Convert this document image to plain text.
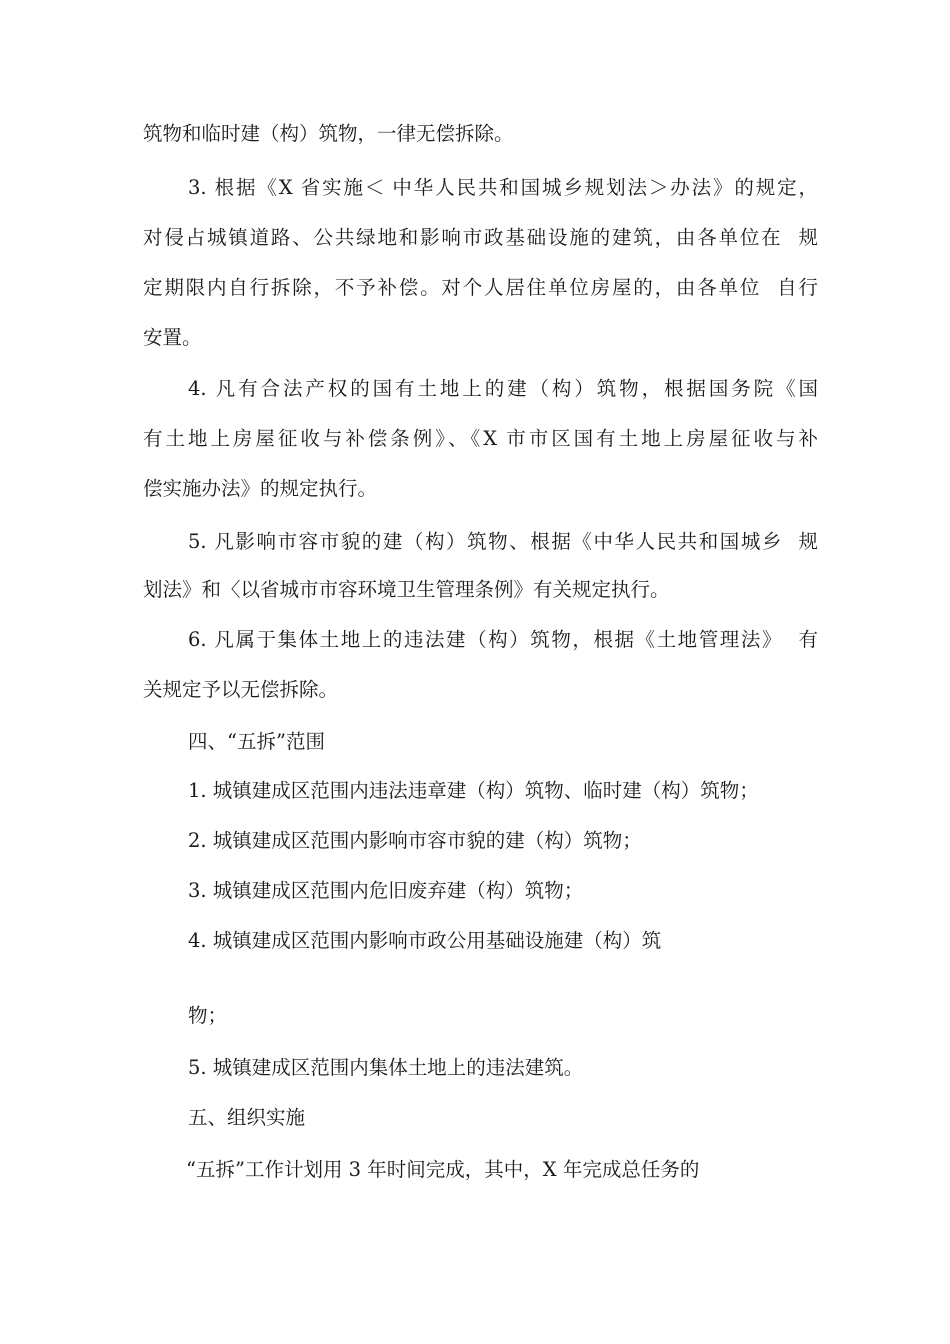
筑物和临时建（构）筑物，一律无偿拆除。
3. 根据《X 省实施＜ 中华人民共和国城乡规划法＞办法》的规定，
对侵占城镇道路、公共绿地和影响市政基础设施的建筑，由各单位在  规
定期限内自行拆除，不予补偿。对个人居住单位房屋的，由各单位  自行
安置。
4. 凡有合法产权的国有土地上的建（构）筑物，根据国务院《国
有土地上房屋征收与补偿条例》、《X 市市区国有土地上房屋征收与补
偿实施办法》的规定执行。
5. 凡影响市容市貌的建（构）筑物、根据《中华人民共和国城乡  规
划法》和〈以省城市市容环境卫生管理条例》有关规定执行。
6. 凡属于集体土地上的违法建（构）筑物，根据《土地管理法》  有
关规定予以无偿拆除。
四、“五拆”范围
1. 城镇建成区范围内违法违章建（构）筑物、临时建（构）筑物；
2. 城镇建成区范围内影响市容市貌的建（构）筑物；
3. 城镇建成区范围内危旧废弃建（构）筑物；
4. 城镇建成区范围内影响市政公用基础设施建（构）筑
物；
5. 城镇建成区范围内集体土地上的违法建筑。
五、组织实施
“五拆”工作计划用 3 年时间完成，其中，X 年完成总任务的
